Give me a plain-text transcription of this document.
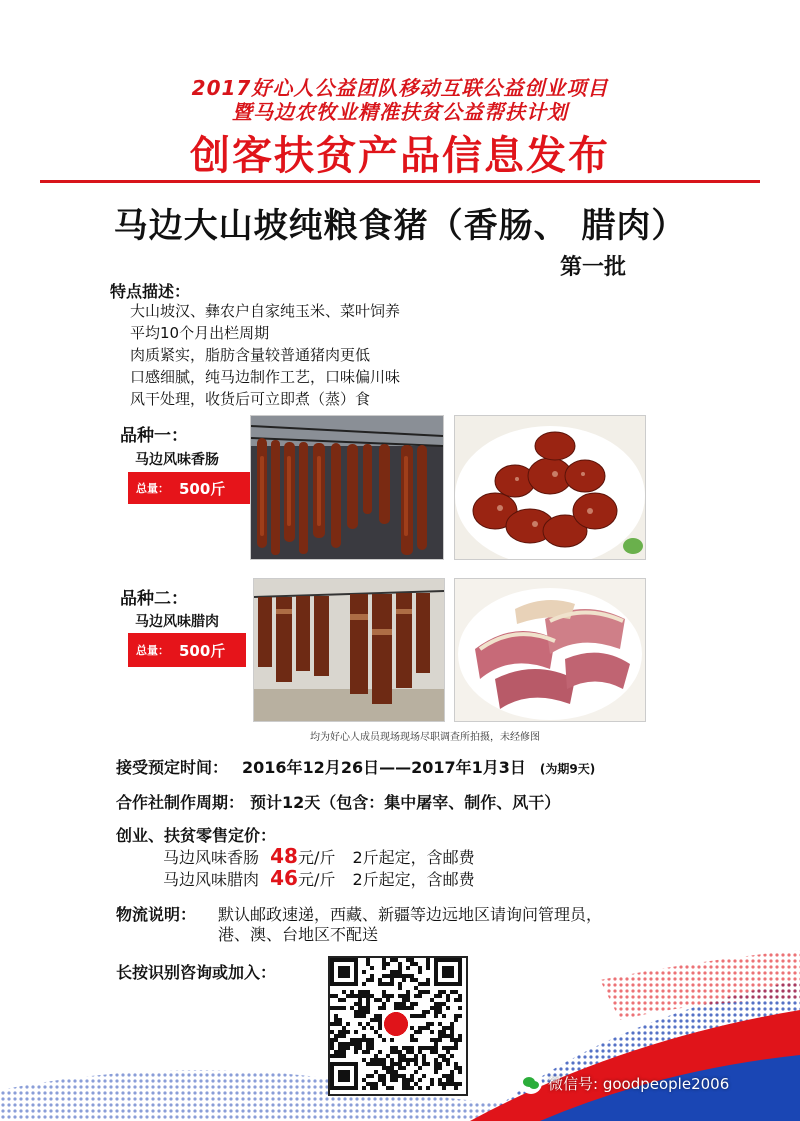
2017好心人公益团队移动互联公益创业项目
暨马边农牧业精准扶贫公益帮扶计划
创客扶贫产品信息发布
马边大山坡纯粮食猪（香肠、 腊肉）
第一批
特点描述：
大山坡汉、彝农户自家纯玉米、菜叶饲养
平均10个月出栏周期
肉质紧实，脂肪含量较普通猪肉更低
口感细腻，纯马边制作工艺，口味偏川味
风干处理，收货后可立即煮（蒸）食
品种一：
马边风味香肠
总量： 500斤
品种二：
马边风味腊肉
总量： 500斤
均为好心人成员现场现场尽职调查所拍摄，未经修图
接受预定时间： 2016年12月26日——2017年1月3日 (为期9天)
合作社制作周期： 预计12天（包含：集中屠宰、制作、风干）
创业、扶贫零售定价：
马边风味香肠 48元/斤 2斤起定，含邮费
马边风味腊肉 46元/斤 2斤起定，含邮费
物流说明： 默认邮政速递，西藏、新疆等边远地区请询问管理员，
港、澳、台地区不配送
长按识别咨询或加入：
微信号: goodpeople2006
